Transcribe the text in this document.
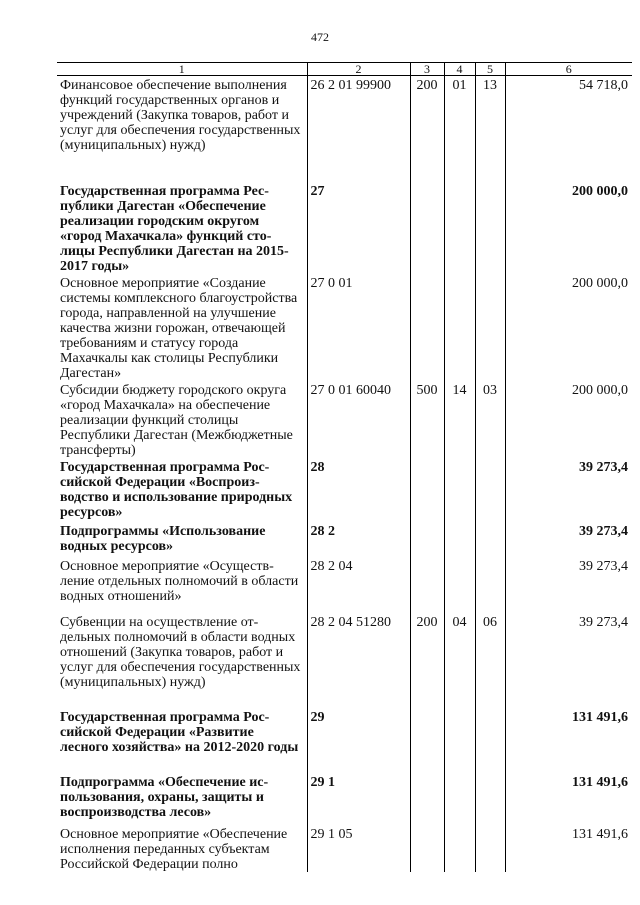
472
1	2	3	4	5	6
Финансовое обеспечение выполнения функций государственных органов и учреждений (Закупка товаров, работ и услуг для обеспечения государственных (муниципальных) нужд)	26 2 01 99900	200	01	13	54 718,0
Государственная программа Республики Дагестан «Обеспечение реализации городским округом «город Махачкала» функций столицы Республики Дагестан на 2015-2017 годы»	27				200 000,0
Основное мероприятие «Создание системы комплексного благоустройства города, направленной на улучшение качества жизни горожан, отвечающей требованиям и статусу города Махачкалы как столицы Республики Дагестан»	27 0 01				200 000,0
Субсидии бюджету городского округа «город Махачкала» на обеспечение реализации функций столицы Республики Дагестан (Межбюджетные трансферты)	27 0 01 60040	500	14	03	200 000,0
Государственная программа Российской Федерации «Воспроизводство и использование природных ресурсов»	28				39 273,4
Подпрограммы «Использование водных ресурсов»	28 2				39 273,4
Основное мероприятие «Осуществление отдельных полномочий в области водных отношений»	28 2 04				39 273,4
Субвенции на осуществление отдельных полномочий в области водных отношений (Закупка товаров, работ и услуг для обеспечения государственных (муниципальных) нужд)	28 2 04 51280	200	04	06	39 273,4
Государственная программа Российской Федерации «Развитие лесного хозяйства» на 2012-2020 годы	29				131 491,6
Подпрограмма «Обеспечение использования, охраны, защиты и воспроизводства лесов»	29 1				131 491,6
Основное мероприятие «Обеспечение исполнения переданных субъектам Российской Федерации полно	29 1 05				131 491,6
